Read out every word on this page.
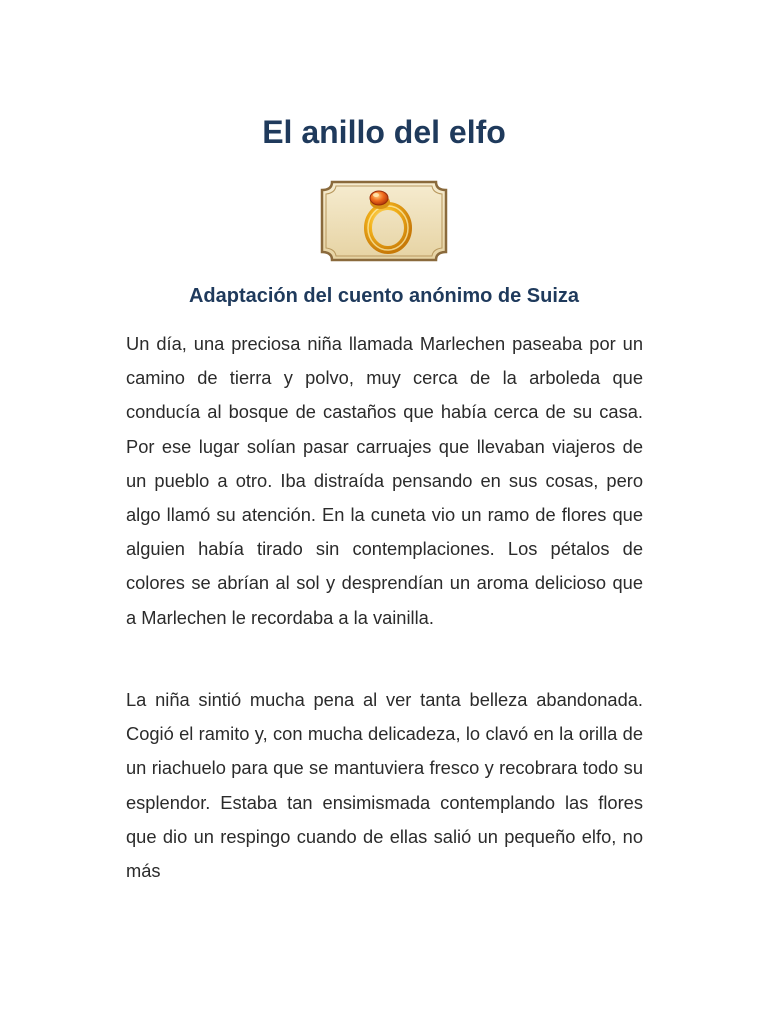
El anillo del elfo
Adaptación del cuento anónimo de Suiza

Un día, una preciosa niña llamada Marlechen paseaba por un camino de tierra y polvo, muy cerca de la arboleda que conducía al bosque de castaños que había cerca de su casa. Por ese lugar solían pasar carruajes que llevaban viajeros de un pueblo a otro. Iba distraída pensando en sus cosas, pero algo llamó su atención. En la cuneta vio un ramo de flores que alguien había tirado sin contemplaciones. Los pétalos de colores se abrían al sol y desprendían un aroma delicioso que a Marlechen le recordaba a la vainilla.

La niña sintió mucha pena al ver tanta belleza abandonada. Cogió el ramito y, con mucha delicadeza, lo clavó en la orilla de un riachuelo para que se mantuviera fresco y recobrara todo su esplendor. Estaba tan ensimismada contemplando las flores que dio un respingo cuando de ellas salió un pequeño elfo, no más
